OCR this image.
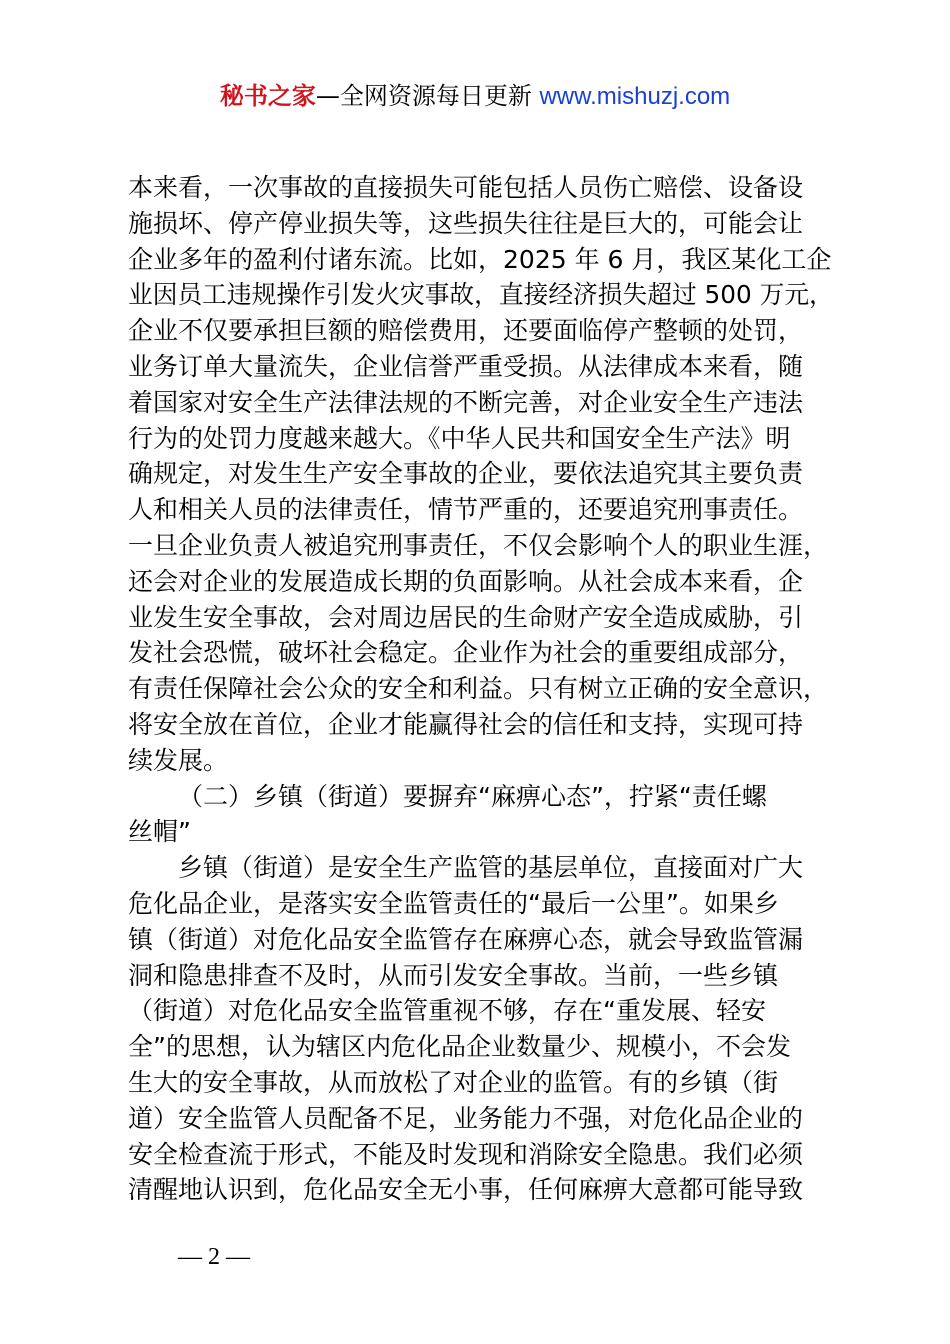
秘书之家—全网资源每日更新 www.mishuzj.com
本来看，一次事故的直接损失可能包括人员伤亡赔偿、设备设
施损坏、停产停业损失等，这些损失往往是巨大的，可能会让
企业多年的盈利付诸东流。比如，2025 年 6 月，我区某化工企
业因员工违规操作引发火灾事故，直接经济损失超过 500 万元，
企业不仅要承担巨额的赔偿费用，还要面临停产整顿的处罚，
业务订单大量流失，企业信誉严重受损。从法律成本来看，随
着国家对安全生产法律法规的不断完善，对企业安全生产违法
行为的处罚力度越来越大。《中华人民共和国安全生产法》明
确规定，对发生生产安全事故的企业，要依法追究其主要负责
人和相关人员的法律责任，情节严重的，还要追究刑事责任。
一旦企业负责人被追究刑事责任，不仅会影响个人的职业生涯，
还会对企业的发展造成长期的负面影响。从社会成本来看，企
业发生安全事故，会对周边居民的生命财产安全造成威胁，引
发社会恐慌，破坏社会稳定。企业作为社会的重要组成部分，
有责任保障社会公众的安全和利益。只有树立正确的安全意识，
将安全放在首位，企业才能赢得社会的信任和支持，实现可持
续发展。
（二）乡镇（街道）要摒弃“麻痹心态”，拧紧“责任螺
丝帽”
乡镇（街道）是安全生产监管的基层单位，直接面对广大
危化品企业，是落实安全监管责任的“最后一公里”。如果乡
镇（街道）对危化品安全监管存在麻痹心态，就会导致监管漏
洞和隐患排查不及时，从而引发安全事故。当前，一些乡镇
（街道）对危化品安全监管重视不够，存在“重发展、轻安
全”的思想，认为辖区内危化品企业数量少、规模小，不会发
生大的安全事故，从而放松了对企业的监管。有的乡镇（街
道）安全监管人员配备不足，业务能力不强，对危化品企业的
安全检查流于形式，不能及时发现和消除安全隐患。我们必须
清醒地认识到，危化品安全无小事，任何麻痹大意都可能导致
— 2 —
